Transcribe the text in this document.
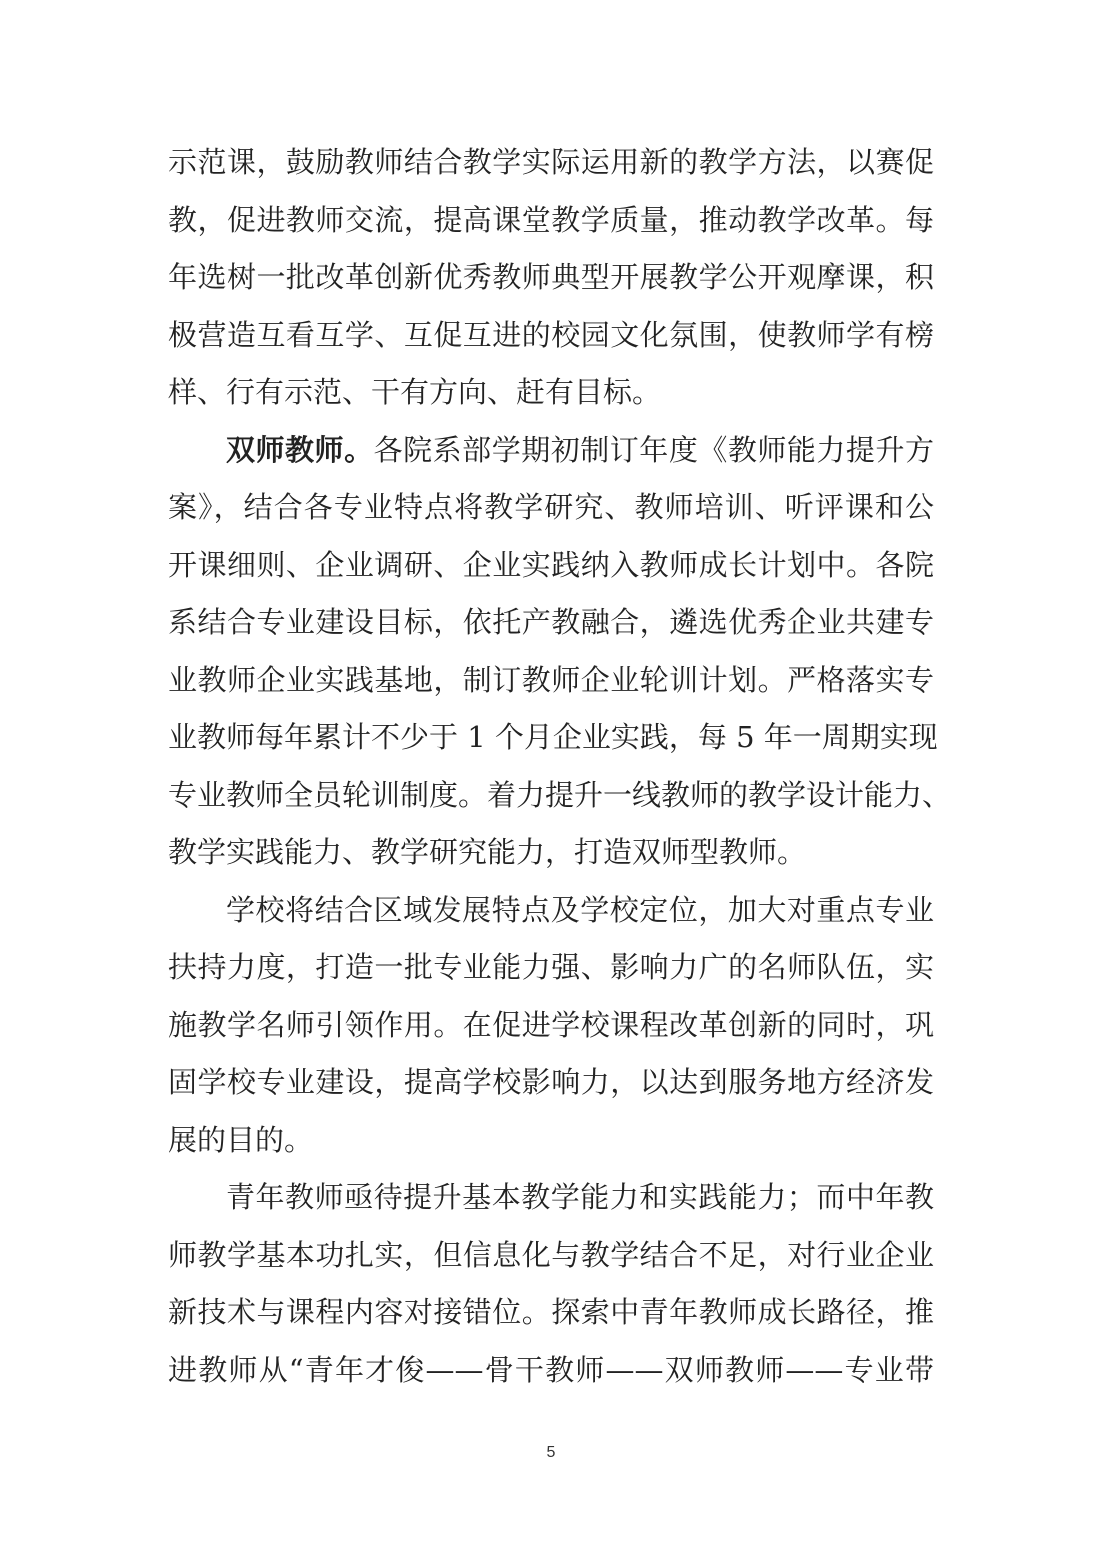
示范课，鼓励教师结合教学实际运用新的教学方法，以赛促
教，促进教师交流，提高课堂教学质量，推动教学改革。每
年选树一批改革创新优秀教师典型开展教学公开观摩课，积
极营造互看互学、互促互进的校园文化氛围，使教师学有榜
样、行有示范、干有方向、赶有目标。
双师教师。各院系部学期初制订年度《教师能力提升方
案》，结合各专业特点将教学研究、教师培训、听评课和公
开课细则、企业调研、企业实践纳入教师成长计划中。各院
系结合专业建设目标，依托产教融合，遴选优秀企业共建专
业教师企业实践基地，制订教师企业轮训计划。严格落实专
业教师每年累计不少于 1 个月企业实践，每 5 年一周期实现
专业教师全员轮训制度。着力提升一线教师的教学设计能力、
教学实践能力、教学研究能力，打造双师型教师。
学校将结合区域发展特点及学校定位，加大对重点专业
扶持力度，打造一批专业能力强、影响力广的名师队伍，实
施教学名师引领作用。在促进学校课程改革创新的同时，巩
固学校专业建设，提高学校影响力，以达到服务地方经济发
展的目的。
青年教师亟待提升基本教学能力和实践能力；而中年教
师教学基本功扎实，但信息化与教学结合不足，对行业企业
新技术与课程内容对接错位。探索中青年教师成长路径，推
进教师从“青年才俊——骨干教师——双师教师——专业带
5
